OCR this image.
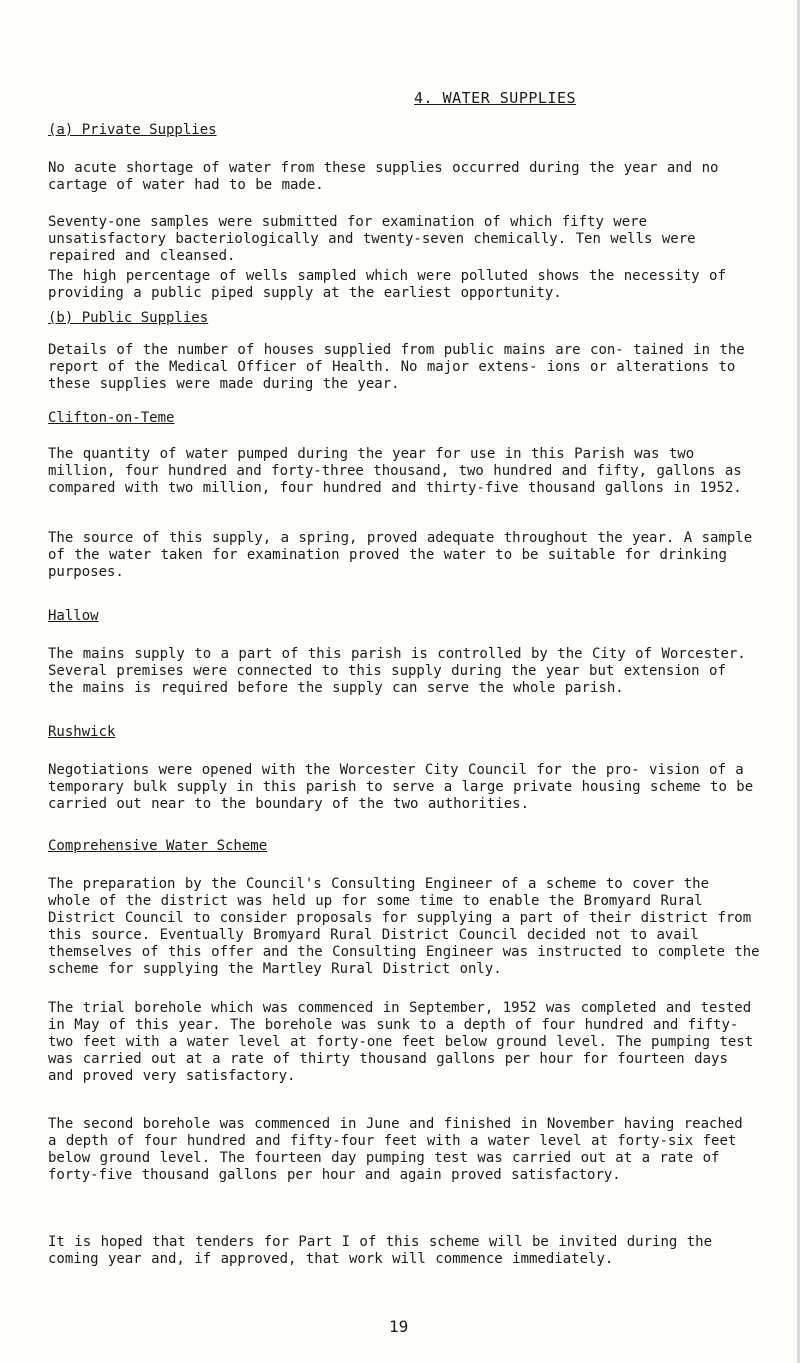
4. WATER SUPPLIES
(a) Private Supplies

No acute shortage of water from these supplies occurred during the year and no cartage of water had to be made.

Seventy-one samples were submitted for examination of which fifty were unsatisfactory bacteriologically and twenty-seven chemically. Ten wells were repaired and cleansed.

The high percentage of wells sampled which were polluted shows the necessity of providing a public piped supply at the earliest opportunity.

(b) Public Supplies

Details of the number of houses supplied from public mains are con- tained in the report of the Medical Officer of Health. No major extens- ions or alterations to these supplies were made during the year.

Clifton-on-Teme

The quantity of water pumped during the year for use in this Parish was two million, four hundred and forty-three thousand, two hundred and fifty, gallons as compared with two million, four hundred and thirty-five thousand gallons in 1952.

The source of this supply, a spring, proved adequate throughout the year. A sample of the water taken for examination proved the water to be suitable for drinking purposes.

Hallow

The mains supply to a part of this parish is controlled by the City of Worcester. Several premises were connected to this supply during the year but extension of the mains is required before the supply can serve the whole parish.

Rushwick

Negotiations were opened with the Worcester City Council for the pro- vision of a temporary bulk supply in this parish to serve a large private housing scheme to be carried out near to the boundary of the two authorities.

Comprehensive Water Scheme

The preparation by the Council's Consulting Engineer of a scheme to cover the whole of the district was held up for some time to enable the Bromyard Rural District Council to consider proposals for supplying a part of their district from this source. Eventually Bromyard Rural District Council decided not to avail themselves of this offer and the Consulting Engineer was instructed to complete the scheme for supplying the Martley Rural District only.

The trial borehole which was commenced in September, 1952 was completed and tested in May of this year. The borehole was sunk to a depth of four hundred and fifty-two feet with a water level at forty-one feet below ground level. The pumping test was carried out at a rate of thirty thousand gallons per hour for fourteen days and proved very satisfactory.

The second borehole was commenced in June and finished in November having reached a depth of four hundred and fifty-four feet with a water level at forty-six feet below ground level. The fourteen day pumping test was carried out at a rate of forty-five thousand gallons per hour and again proved satisfactory.

It is hoped that tenders for Part I of this scheme will be invited during the coming year and, if approved, that work will commence immediately.

19
